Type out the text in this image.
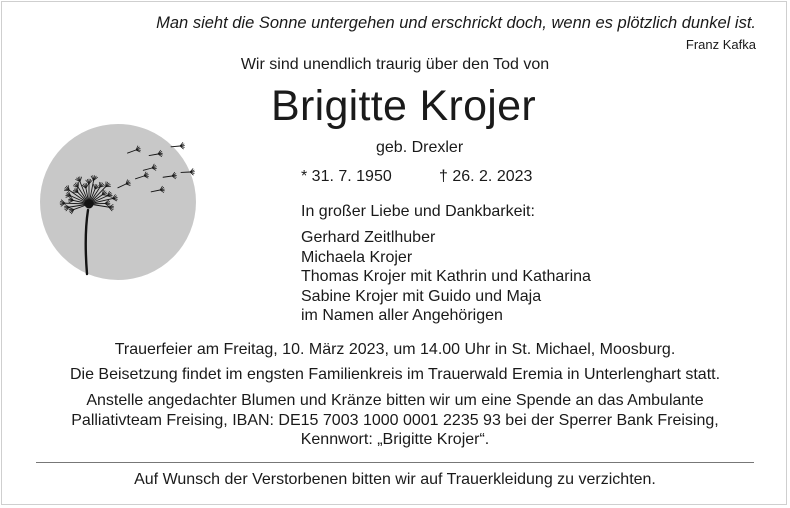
Man sieht die Sonne untergehen und erschrickt doch, wenn es plötzlich dunkel ist.
Franz Kafka
Wir sind unendlich traurig über den Tod von
Brigitte Krojer
geb. Drexler
* 31. 7. 1950	† 26. 2. 2023
In großer Liebe und Dankbarkeit:
Gerhard Zeitlhuber
Michaela Krojer
Thomas Krojer mit Kathrin und Katharina
Sabine Krojer mit Guido und Maja
im Namen aller Angehörigen
Trauerfeier am Freitag, 10. März 2023, um 14.00 Uhr in St. Michael, Moosburg.
Die Beisetzung findet im engsten Familienkreis im Trauerwald Eremia in Unterlenghart statt.
Anstelle angedachter Blumen und Kränze bitten wir um eine Spende an das Ambulante
Palliativteam Freising, IBAN: DE15 7003 1000 0001 2235 93 bei der Sperrer Bank Freising,
Kennwort: „Brigitte Krojer“.
Auf Wunsch der Verstorbenen bitten wir auf Trauerkleidung zu verzichten.
